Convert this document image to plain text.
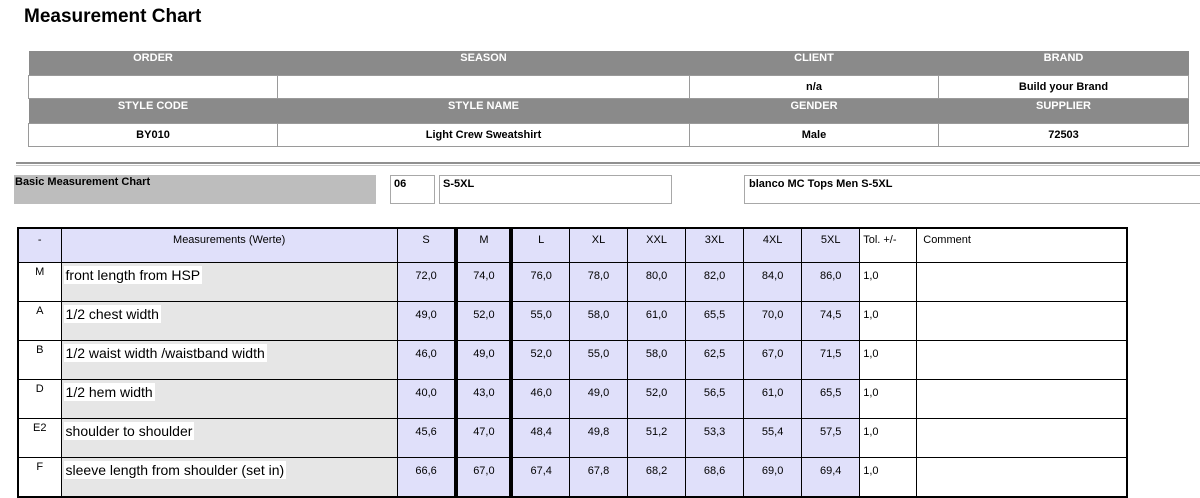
Measurement Chart
ORDER	SEASON	CLIENT	BRAND
		n/a	Build your Brand
STYLE CODE	STYLE NAME	GENDER	SUPPLIER
BY010	Light Crew Sweatshirt	Male	72503
Basic Measurement Chart	06	S-5XL	blanco MC Tops Men S-5XL
-	Measurements (Werte)	S	M	L	XL	XXL	3XL	4XL	5XL	Tol. +/-	Comment
M	front length from HSP	72,0	74,0	76,0	78,0	80,0	82,0	84,0	86,0	1,0	
A	1/2 chest width	49,0	52,0	55,0	58,0	61,0	65,5	70,0	74,5	1,0	
B	1/2 waist width /waistband width	46,0	49,0	52,0	55,0	58,0	62,5	67,0	71,5	1,0	
D	1/2 hem width	40,0	43,0	46,0	49,0	52,0	56,5	61,0	65,5	1,0	
E2	shoulder to shoulder	45,6	47,0	48,4	49,8	51,2	53,3	55,4	57,5	1,0	
F	sleeve length from shoulder (set in)	66,6	67,0	67,4	67,8	68,2	68,6	69,0	69,4	1,0	
